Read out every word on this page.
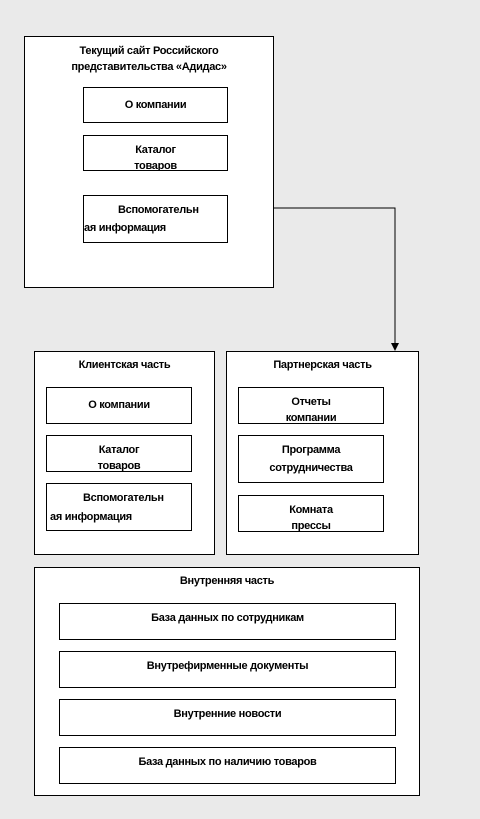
Текущий сайт Российского
представительства «Адидас»
О компании
Каталог
товаров
Вспомогательн
ая информация
Клиентская часть
О компании
Каталог
товаров
Вспомогательн
ая информация
Партнерская часть
Отчеты
компании
Программа
сотрудничества
Комната
прессы
Внутренняя часть
База данных по сотрудникам
Внутрефирменные документы
Внутренние новости
База данных по наличию товаров
